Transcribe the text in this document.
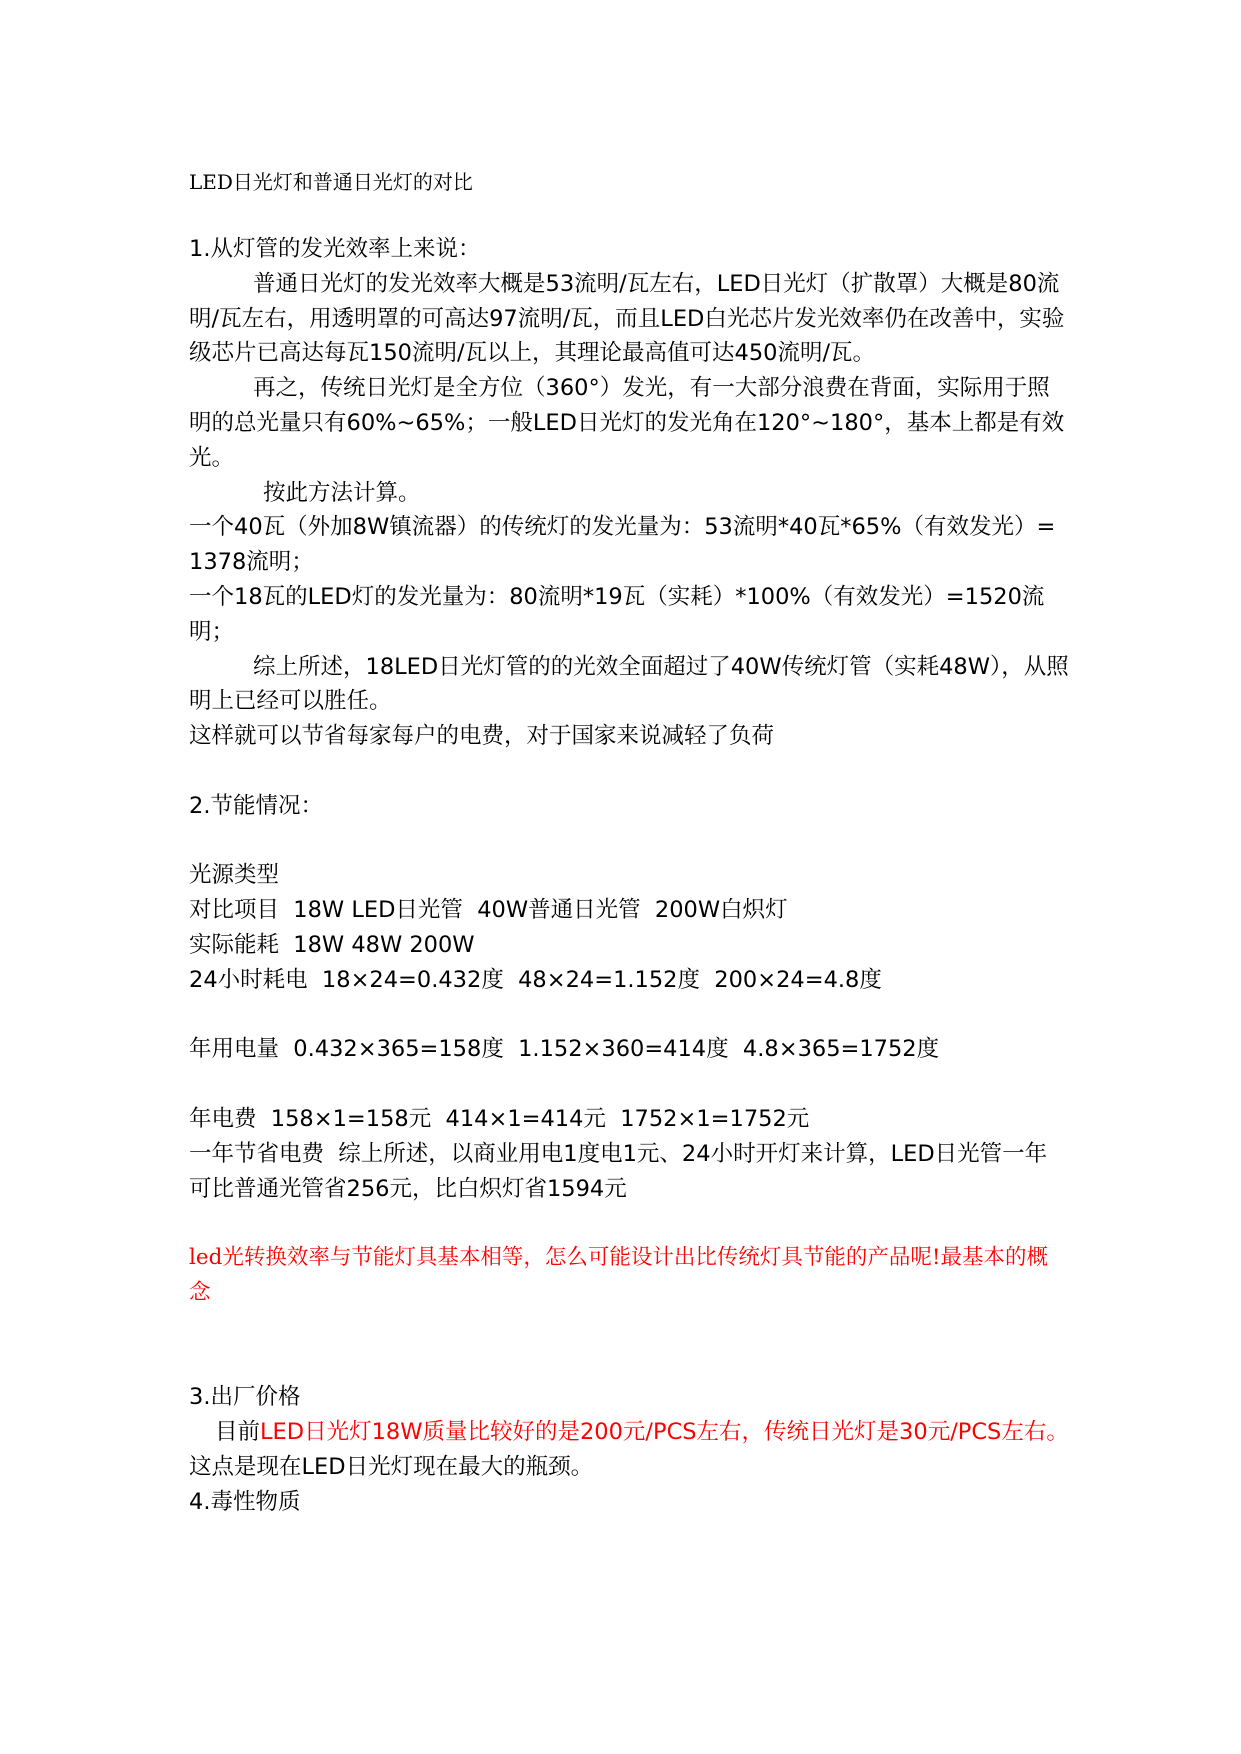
LED日光灯和普通日光灯的对比

1.从灯管的发光效率上来说：

普通日光灯的发光效率大概是53流明/瓦左右，LED日光灯（扩散罩）大概是80流明/瓦左右，用透明罩的可高达97流明/瓦，而且LED白光芯片发光效率仍在改善中，实验级芯片已高达每瓦150流明/瓦以上，其理论最高值可达450流明/瓦。

再之，传统日光灯是全方位（360°）发光，有一大部分浪费在背面，实际用于照明的总光量只有60%~65%；一般LED日光灯的发光角在120°~180°，基本上都是有效光。

按此方法计算。

一个40瓦（外加8W镇流器）的传统灯的发光量为：53流明*40瓦*65%（有效发光）=1378流明；

一个18瓦的LED灯的发光量为：80流明*19瓦（实耗）*100%（有效发光）=1520流明；

综上所述，18LED日光灯管的的光效全面超过了40W传统灯管（实耗48W），从照明上已经可以胜任。

这样就可以节省每家每户的电费，对于国家来说减轻了负荷

2.节能情况：

光源类型

对比项目  18W LED日光管  40W普通日光管  200W白炽灯

实际能耗  18W 48W 200W

24小时耗电  18×24=0.432度  48×24=1.152度  200×24=4.8度

年用电量  0.432×365=158度  1.152×360=414度  4.8×365=1752度

年电费  158×1=158元  414×1=414元  1752×1=1752元

一年节省电费  综上所述，以商业用电1度电1元、24小时开灯来计算，LED日光管一年可比普通光管省256元，比白炽灯省1594元

led光转换效率与节能灯具基本相等，怎么可能设计出比传统灯具节能的产品呢!最基本的概念

3.出厂价格

目前LED日光灯18W质量比较好的是200元/PCS左右，传统日光灯是30元/PCS左右。这点是现在LED日光灯现在最大的瓶颈。

4.毒性物质
